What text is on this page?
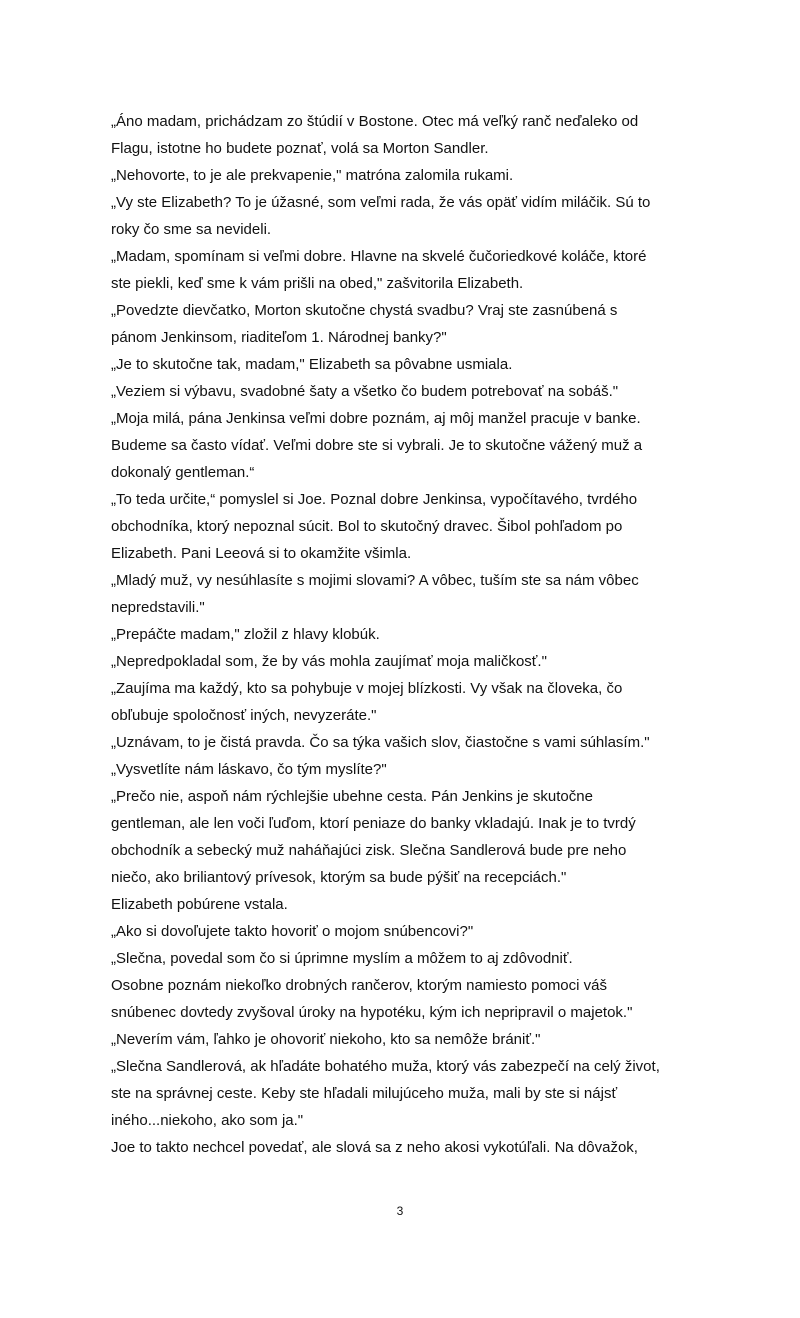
„Áno madam, prichádzam zo štúdií v Bostone. Otec má veľký ranč neďaleko od
Flagu, istotne ho budete poznať, volá sa Morton Sandler.
„Nehovorte, to je ale prekvapenie," matróna zalomila rukami.
„Vy ste Elizabeth? To je úžasné, som veľmi rada, že vás opäť vidím miláčik. Sú to
roky čo sme sa nevideli.
„Madam, spomínam si veľmi dobre. Hlavne na skvelé čučoriedkové koláče, ktoré
ste piekli, keď sme k vám prišli na obed," zašvitorila Elizabeth.
„Povedzte dievčatko, Morton skutočne chystá svadbu? Vraj ste zasnúbená s
pánom Jenkinsom, riaditeľom 1. Národnej banky?"
„Je to skutočne tak, madam," Elizabeth sa pôvabne usmiala.
„Veziem si výbavu, svadobné šaty a všetko čo budem potrebovať na sobáš."
„Moja milá, pána Jenkinsa veľmi dobre poznám, aj môj manžel pracuje v banke.
Budeme sa často vídať. Veľmi dobre ste si vybrali. Je to skutočne vážený muž a
dokonalý gentleman.“
„To teda určite,“ pomyslel si Joe. Poznal dobre Jenkinsa, vypočítavého, tvrdého
obchodníka, ktorý nepoznal súcit. Bol to skutočný dravec. Šibol pohľadom po
Elizabeth. Pani Leeová si to okamžite všimla.
„Mladý muž, vy nesúhlasíte s mojimi slovami? A vôbec, tuším ste sa nám vôbec
nepredstavili."
„Prepáčte madam," zložil z hlavy klobúk.
„Nepredpokladal som, že by vás mohla zaujímať moja maličkosť."
„Zaujíma ma každý, kto sa pohybuje v mojej blízkosti. Vy však na človeka, čo
obľubuje spoločnosť iných, nevyzeráte."
„Uznávam, to je čistá pravda. Čo sa týka vašich slov, čiastočne s vami súhlasím."
„Vysvetlíte nám láskavo, čo tým myslíte?"
„Prečo nie, aspoň nám rýchlejšie ubehne cesta. Pán Jenkins je skutočne
gentleman, ale len voči ľuďom, ktorí peniaze do banky vkladajú. Inak je to tvrdý
obchodník a sebecký muž naháňajúci zisk. Slečna Sandlerová bude pre neho
niečo, ako briliantový prívesok, ktorým sa bude pýšiť na recepciách."
Elizabeth pobúrene vstala.
„Ako si dovoľujete takto hovoriť o mojom snúbencovi?"
„Slečna, povedal som čo si úprimne myslím a môžem to aj zdôvodniť.
Osobne poznám niekoľko drobných rančerov, ktorým namiesto pomoci váš
snúbenec dovtedy zvyšoval úroky na hypotéku, kým ich nepripravil o majetok."
„Neverím vám, ľahko je ohovoriť niekoho, kto sa nemôže brániť."
„Slečna Sandlerová, ak hľadáte bohatého muža, ktorý vás zabezpečí na celý život,
ste na správnej ceste. Keby ste hľadali milujúceho muža, mali by ste si nájsť
iného...niekoho, ako som ja."
Joe to takto nechcel povedať, ale slová sa z neho akosi vykotúľali. Na dôvažok,
3
